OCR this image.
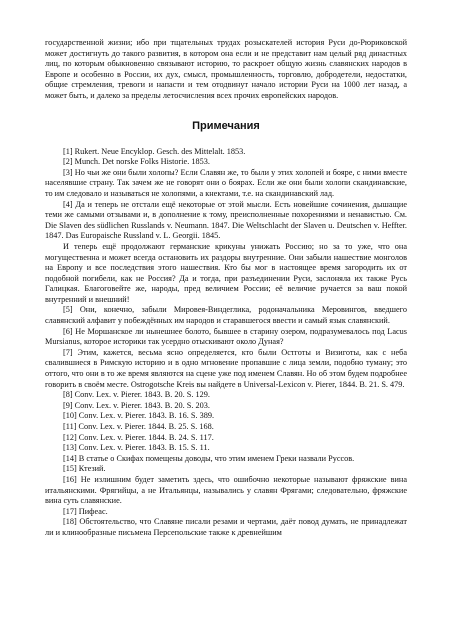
государственной жизни; ибо при тщательных трудах розыскателей история Руси до-Рюриковской может достигнуть до такого развития, в котором она если и не представит нам целый ряд династных лиц, по которым обыкновенно связывают историю, то раскроет общую жизнь славянских народов в Европе и особенно в России, их дух, смысл, промышленность, торговлю, добродетели, недостатки, общие стремления, тревоги и напасти и тем отодвинут начало истории Руси на 1000 лет назад, а может быть, и далеко за пределы летосчисления всех прочих европейских народов.

Примечания

[1] Rukert. Neue Encyklop. Gesch. des Mittelalt. 1853.

[2] Munch. Det norske Folks Historie. 1853.

[3] Но чьи же они были холопы? Если Славян же, то были у этих холопей и бояре, с ними вместе населявшие страну. Так зачем же не говорят они о боярах. Если же они были холопи скандинавские, то им следовало и называться не холопями, а кнектами, т.е. на скандинавский лад.

[4] Да и теперь не отстали ещё некоторые от этой мысли. Есть новейшие сочинения, дышащие теми же самыми отзывами и, в дополнение к тому, преисполненные похорениями и ненавистью. См. Die Slaven des südlichen Russlands v. Neumann. 1847. Die Weltschlacht der Slaven u. Deutschen v. Heffter. 1847. Das Europaische Russland v. L. Georgii. 1845.

И теперь ещё продолжают германские крикуны унижать Россию; но за то уже, что она могущественна и может всегда остановить их раздоры внутренние. Они забыли нашествие монголов на Европу и все последствия этого нашествия. Кто бы мог в настоящее время загородить их от подобной погибели, как не Россия? Да и тогда, при разъединении Руси, заслоняла их также Русь Галицкая. Благоговейте же, народы, пред величием России; её величие ручается за ваш покой внутренний и внешний!

[5] Они, конечно, забыли Мировея-Виндеглика, родоначальника Меровингов, введшего славянский алфавит у побеждённых им народов и старавшегося ввести и самый язык славянский.

[6] Не Моршанское ли нынешнее болото, бывшее в старину озером, подразумевалось под Lacus Mursianus, которое историки так усердно отыскивают около Дуная?

[7] Этим, кажется, весьма ясно определяется, кто были Остготы и Визиготы, как с неба свалившиеся в Римскую историю и в одно мгновение пропавшие с лица земли, подобно туману; это оттого, что они в то же время являются на сцене уже под именем Славян. Но об этом будем подробнее говорить в своём месте. Ostrogotsche Kreis вы найдете в Universal-Lexicon v. Pierer, 1844. B. 21. S. 479.

[8] Conv. Lex. v. Pierer. 1843. B. 20. S. 129.

[9] Conv. Lex. v. Pierer. 1843. B. 20. S. 203.

[10] Conv. Lex. v. Pierer. 1843. B. 16. S. 389.

[11] Conv. Lex. v. Pierer. 1844. B. 25. S. 168.

[12] Conv. Lex. v. Pierer. 1844. B. 24. S. 117.

[13] Conv. Lex. v. Pierer. 1843. B. 15. S. 11.

[14] В статье о Скифах помещены доводы, что этим именем Греки назвали Руссов.

[15] Ктезий.

[16] Не излишним будет заметить здесь, что ошибочно некоторые называют фряжские вина итальянскими. Фрягийцы, а не Итальянцы, назывались у славян Фрягами; следовательно, фряжские вина суть славянские.

[17] Пифеас.

[18] Обстоятельство, что Славяне писали резами и чертами, даёт повод думать, не принадлежат ли и клинообразные письмена Персепольские также к древнейшим
